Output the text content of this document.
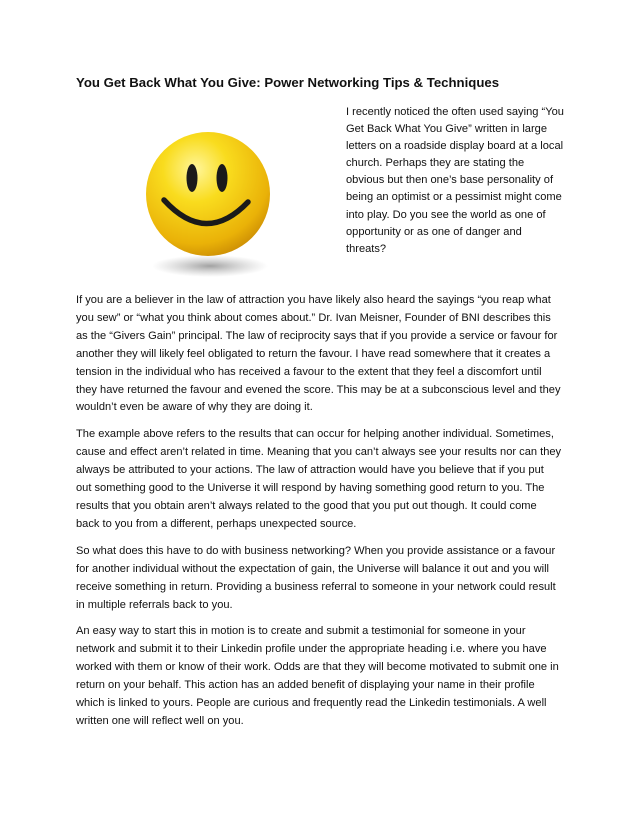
You Get Back What You Give: Power Networking Tips & Techniques

I recently noticed the often used saying “You Get Back What You Give” written in large letters on a roadside display board at a local church. Perhaps they are stating the obvious but then one’s base personality of being an optimist or a pessimist might come into play. Do you see the world as one of opportunity or as one of danger and threats?

If you are a believer in the law of attraction you have likely also heard the sayings “you reap what you sew” or “what you think about comes about.” Dr. Ivan Meisner, Founder of BNI describes this as the “Givers Gain” principal. The law of reciprocity says that if you provide a service or favour for another they will likely feel obligated to return the favour. I have read somewhere that it creates a tension in the individual who has received a favour to the extent that they feel a discomfort until they have returned the favour and evened the score. This may be at a subconscious level and they wouldn’t even be aware of why they are doing it.

The example above refers to the results that can occur for helping another individual. Sometimes, cause and effect aren’t related in time. Meaning that you can’t always see your results nor can they always be attributed to your actions. The law of attraction would have you believe that if you put out something good to the Universe it will respond by having something good return to you. The results that you obtain aren’t always related to the good that you put out though. It could come back to you from a different, perhaps unexpected source.

So what does this have to do with business networking? When you provide assistance or a favour for another individual without the expectation of gain, the Universe will balance it out and you will receive something in return. Providing a business referral to someone in your network could result in multiple referrals back to you.

An easy way to start this in motion is to create and submit a testimonial for someone in your network and submit it to their Linkedin profile under the appropriate heading i.e. where you have worked with them or know of their work. Odds are that they will become motivated to submit one in return on your behalf. This action has an added benefit of displaying your name in their profile which is linked to yours. People are curious and frequently read the Linkedin testimonials. A well written one will reflect well on you.
